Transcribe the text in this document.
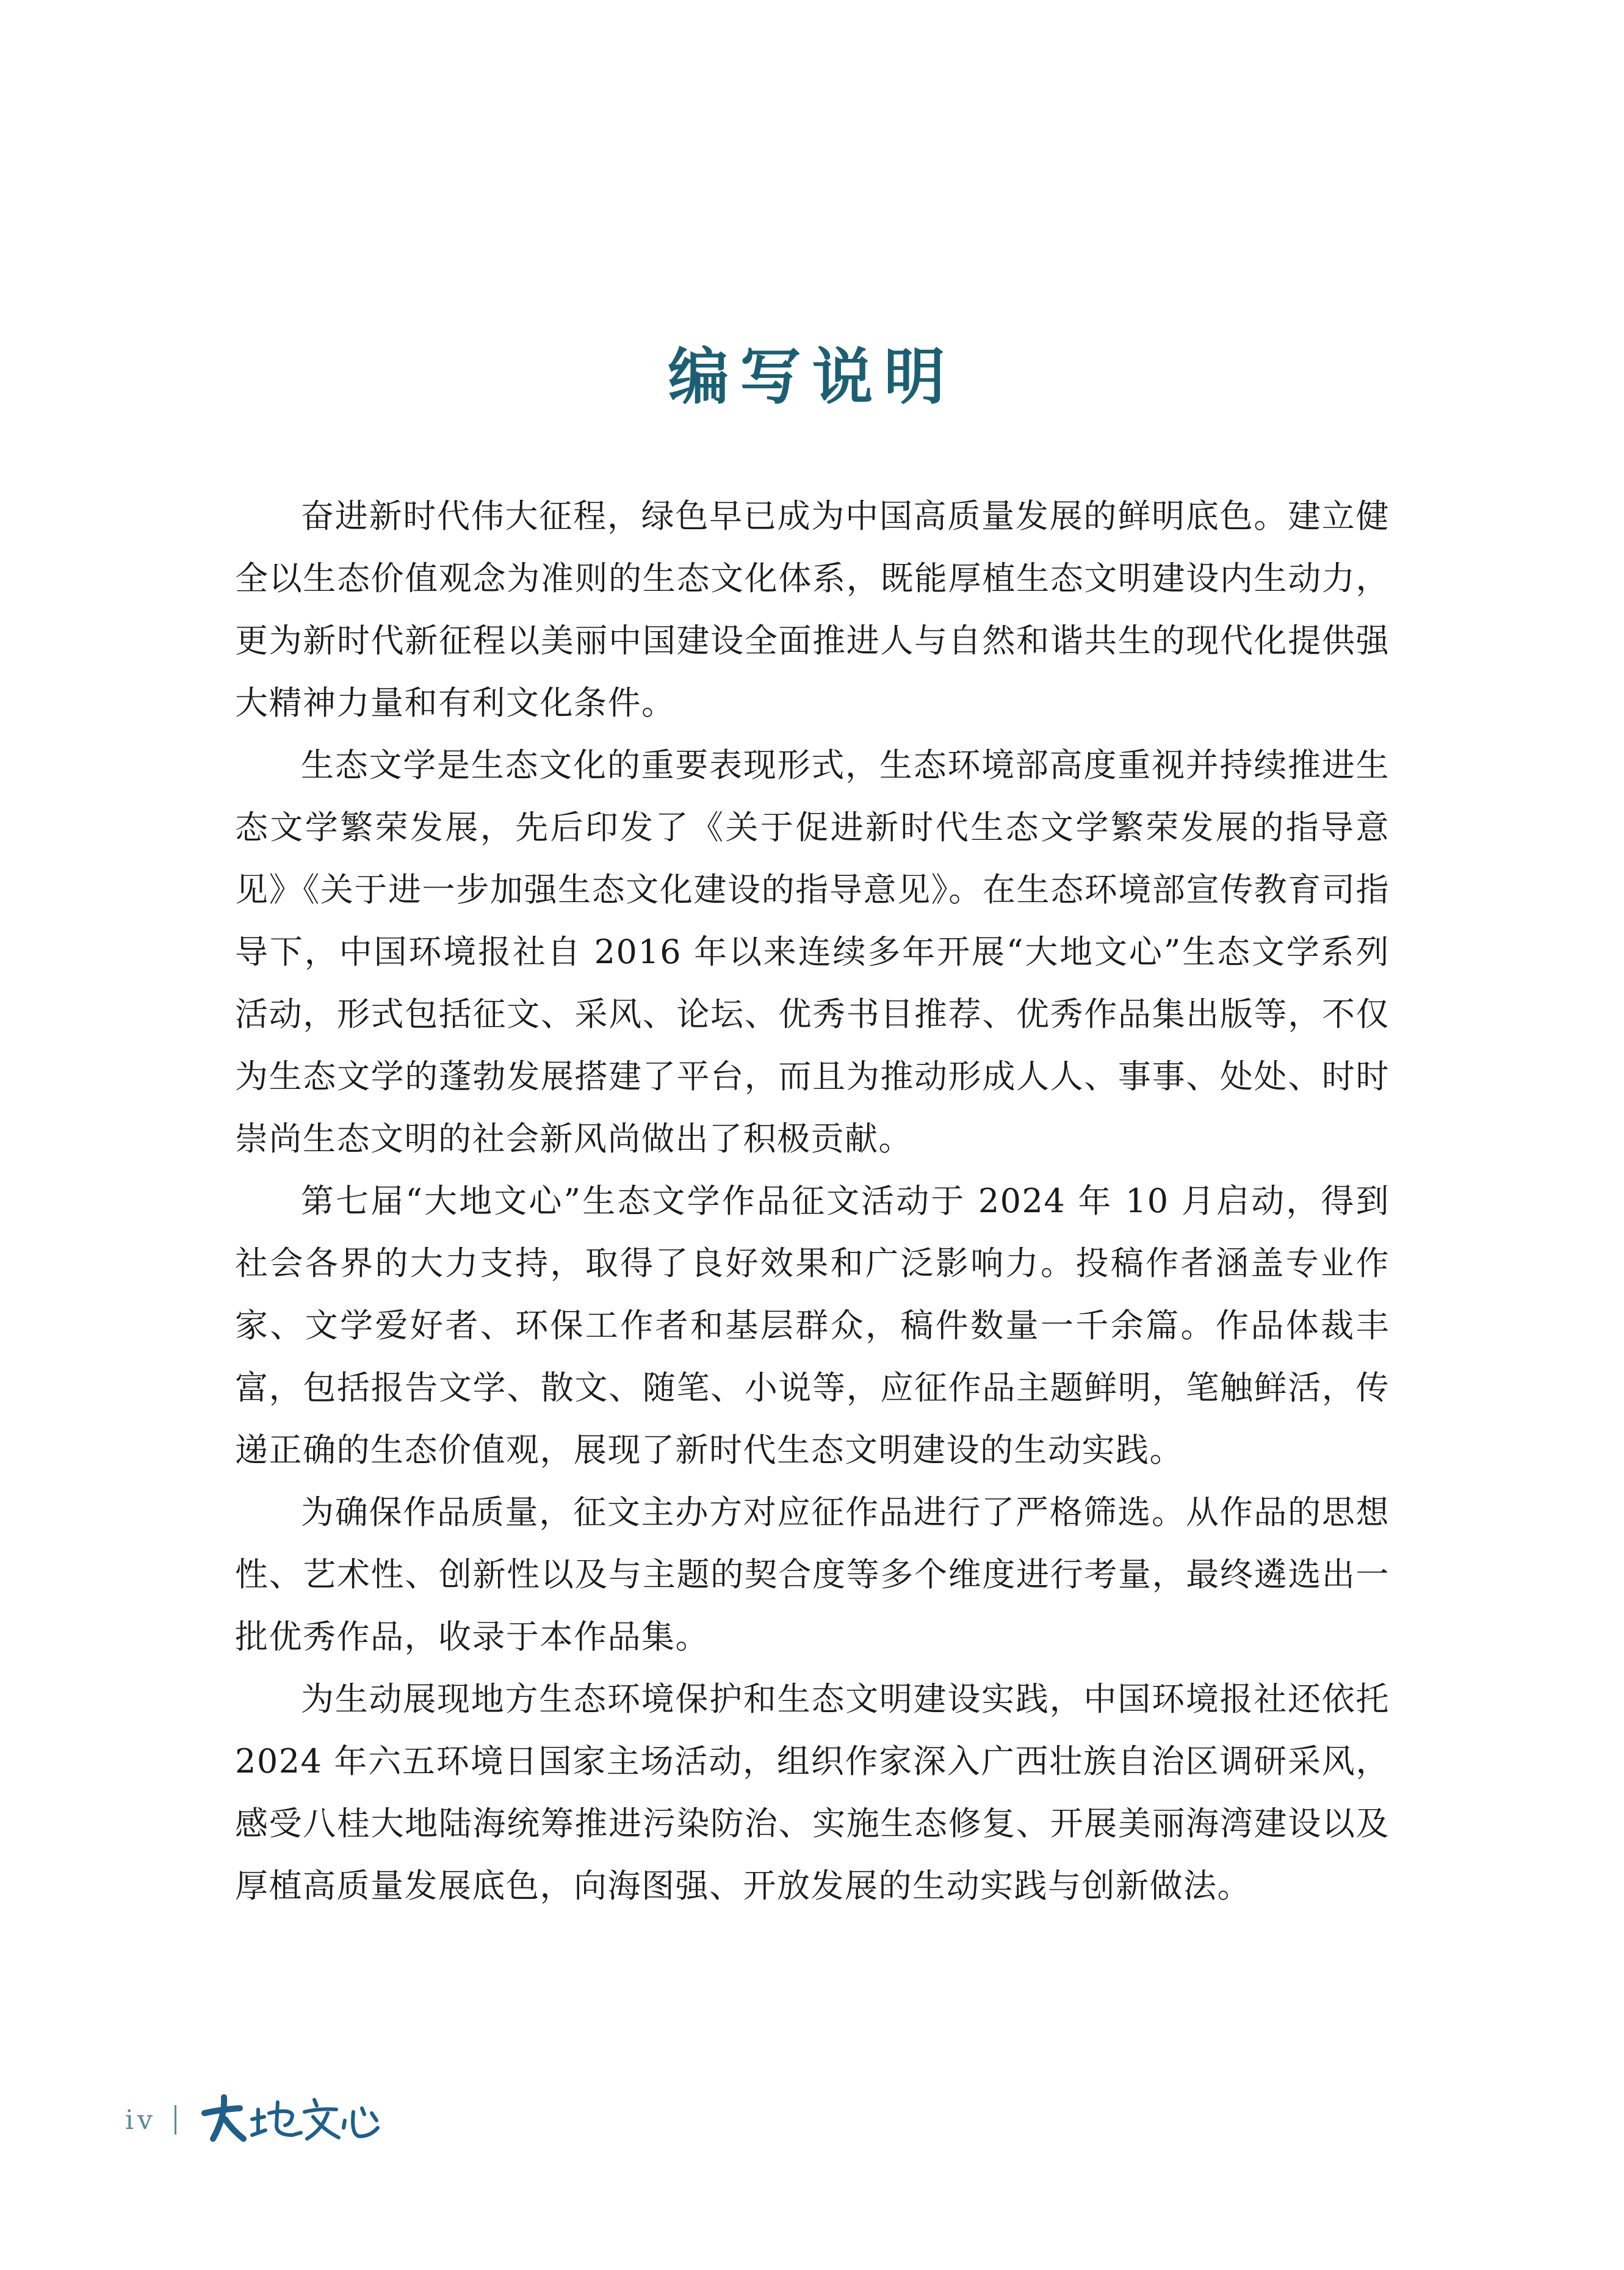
编写说明

奋进新时代伟大征程，绿色早已成为中国高质量发展的鲜明底色。建立健全以生态价值观念为准则的生态文化体系，既能厚植生态文明建设内生动力，更为新时代新征程以美丽中国建设全面推进人与自然和谐共生的现代化提供强大精神力量和有利文化条件。

生态文学是生态文化的重要表现形式，生态环境部高度重视并持续推进生态文学繁荣发展，先后印发了《关于促进新时代生态文学繁荣发展的指导意见》《关于进一步加强生态文化建设的指导意见》。在生态环境部宣传教育司指导下，中国环境报社自 2016 年以来连续多年开展“大地文心”生态文学系列活动，形式包括征文、采风、论坛、优秀书目推荐、优秀作品集出版等，不仅为生态文学的蓬勃发展搭建了平台，而且为推动形成人人、事事、处处、时时崇尚生态文明的社会新风尚做出了积极贡献。

第七届“大地文心”生态文学作品征文活动于 2024 年 10 月启动，得到社会各界的大力支持，取得了良好效果和广泛影响力。投稿作者涵盖专业作家、文学爱好者、环保工作者和基层群众，稿件数量一千余篇。作品体裁丰富，包括报告文学、散文、随笔、小说等，应征作品主题鲜明，笔触鲜活，传递正确的生态价值观，展现了新时代生态文明建设的生动实践。

为确保作品质量，征文主办方对应征作品进行了严格筛选。从作品的思想性、艺术性、创新性以及与主题的契合度等多个维度进行考量，最终遴选出一批优秀作品，收录于本作品集。

为生动展现地方生态环境保护和生态文明建设实践，中国环境报社还依托 2024 年六五环境日国家主场活动，组织作家深入广西壮族自治区调研采风，感受八桂大地陆海统筹推进污染防治、实施生态修复、开展美丽海湾建设以及厚植高质量发展底色，向海图强、开放发展的生动实践与创新做法。

iv
